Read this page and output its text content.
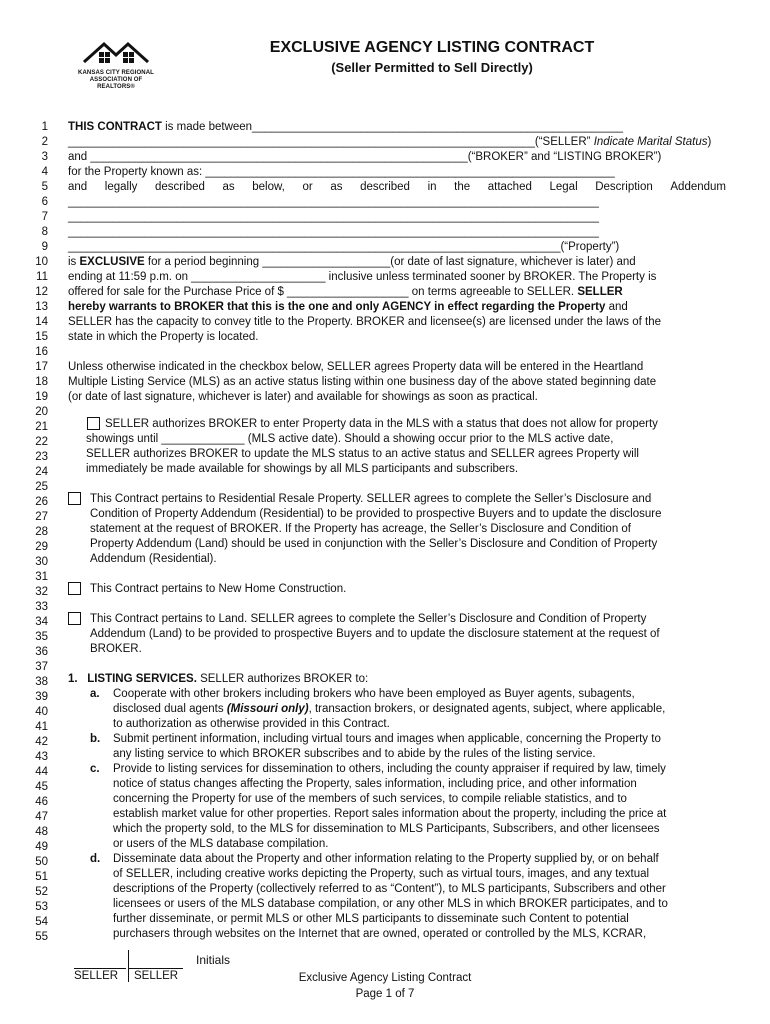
KANSAS CITY REGIONAL
ASSOCIATION OF REALTORS®
EXCLUSIVE AGENCY LISTING CONTRACT
(Seller Permitted to Sell Directly)
1
2
3
4
5
6
7
8
9
10
11
12
13
14
15
16
17
18
19
20
21
22
23
24
25
26
27
28
29
30
31
32
33
34
35
36
37
38
39
40
41
42
43
44
45
46
47
48
49
50
51
52
53
54
55
THIS CONTRACT is made between__________________________________________________________
_________________________________________________________________________(“SELLER” Indicate Marital Status)
and ___________________________________________________________(“BROKER” and “LISTING BROKER”)
for the Property known as: ________________________________________________________________
and legally described as below, or as described in the attached Legal Description Addendum
___________________________________________________________________________________
___________________________________________________________________________________
___________________________________________________________________________________
_____________________________________________________________________________(“Property”)
is EXCLUSIVE for a period beginning ____________________(or date of last signature, whichever is later) and
ending at 11:59 p.m. on _____________________ inclusive unless terminated sooner by BROKER. The Property is
offered for sale for the Purchase Price of $ ___________________ on terms agreeable to SELLER. SELLER
hereby warrants to BROKER that this is the one and only AGENCY in effect regarding the Property and
SELLER has the capacity to convey title to the Property. BROKER and licensee(s) are licensed under the laws of the
state in which the Property is located.
Unless otherwise indicated in the checkbox below, SELLER agrees Property data will be entered in the Heartland
Multiple Listing Service (MLS) as an active status listing within one business day of the above stated beginning date
(or date of last signature, whichever is later) and available for showings as soon as practical.
SELLER authorizes BROKER to enter Property data in the MLS with a status that does not allow for property
showings until _____________ (MLS active date). Should a showing occur prior to the MLS active date,
SELLER authorizes BROKER to update the MLS status to an active status and SELLER agrees Property will
immediately be made available for showings by all MLS participants and subscribers.
This Contract pertains to Residential Resale Property. SELLER agrees to complete the Seller’s Disclosure and
Condition of Property Addendum (Residential) to be provided to prospective Buyers and to update the disclosure
statement at the request of BROKER. If the Property has acreage, the Seller’s Disclosure and Condition of
Property Addendum (Land) should be used in conjunction with the Seller’s Disclosure and Condition of Property
Addendum (Residential).
This Contract pertains to New Home Construction.
This Contract pertains to Land. SELLER agrees to complete the Seller’s Disclosure and Condition of Property
Addendum (Land) to be provided to prospective Buyers and to update the disclosure statement at the request of
BROKER.
1. LISTING SERVICES. SELLER authorizes BROKER to:
a. Cooperate with other brokers including brokers who have been employed as Buyer agents, subagents,
disclosed dual agents (Missouri only), transaction brokers, or designated agents, subject, where applicable,
to authorization as otherwise provided in this Contract.
b. Submit pertinent information, including virtual tours and images when applicable, concerning the Property to
any listing service to which BROKER subscribes and to abide by the rules of the listing service.
c. Provide to listing services for dissemination to others, including the county appraiser if required by law, timely
notice of status changes affecting the Property, sales information, including price, and other information
concerning the Property for use of the members of such services, to compile reliable statistics, and to
establish market value for other properties. Report sales information about the property, including the price at
which the property sold, to the MLS for dissemination to MLS Participants, Subscribers, and other licensees
or users of the MLS database compilation.
d. Disseminate data about the Property and other information relating to the Property supplied by, or on behalf
of SELLER, including creative works depicting the Property, such as virtual tours, images, and any textual
descriptions of the Property (collectively referred to as “Content”), to MLS participants, Subscribers and other
licensees or users of the MLS database compilation, or any other MLS in which BROKER participates, and to
further disseminate, or permit MLS or other MLS participants to disseminate such Content to potential
purchasers through websites on the Internet that are owned, operated or controlled by the MLS, KCRAR,
Initials
SELLER SELLER	Exclusive Agency Listing Contract
Page 1 of 7
